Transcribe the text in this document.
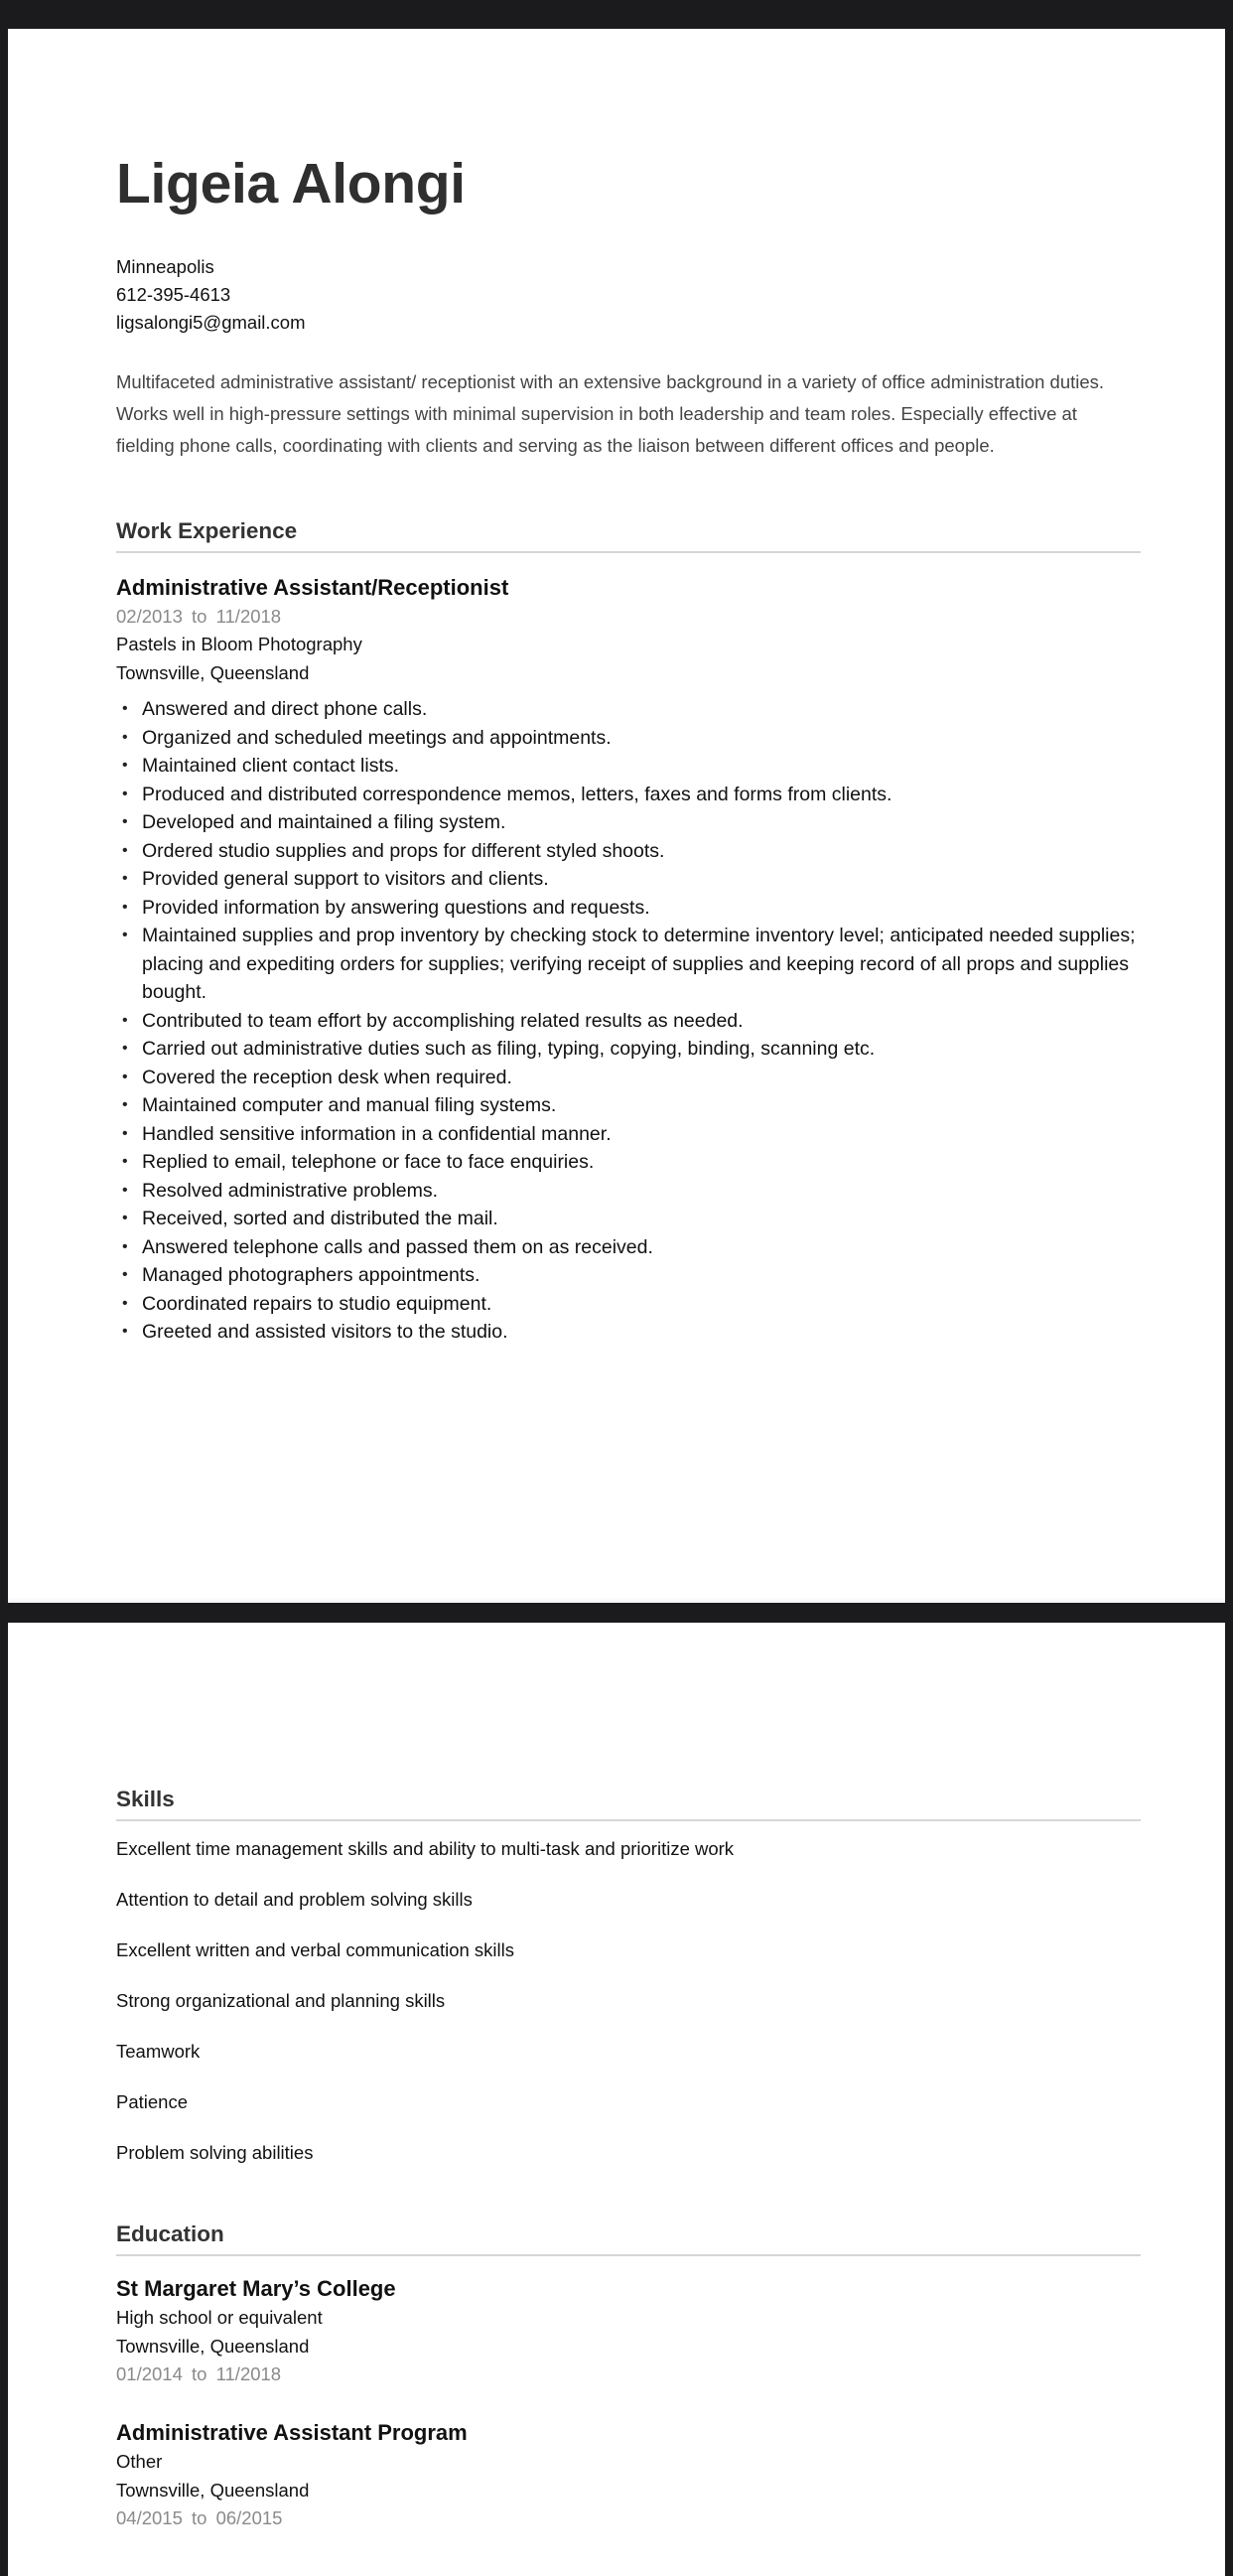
Ligeia Alongi
Minneapolis
612-395-4613
ligsalongi5@gmail.com
Multifaceted administrative assistant/ receptionist with an extensive background in a variety of office administration duties. Works well in high-pressure settings with minimal supervision in both leadership and team roles. Especially effective at fielding phone calls, coordinating with clients and serving as the liaison between different offices and people.
Work Experience
Administrative Assistant/Receptionist
02/2013 to 11/2018
Pastels in Bloom Photography
Townsville, Queensland
• Answered and direct phone calls.
• Organized and scheduled meetings and appointments.
• Maintained client contact lists.
• Produced and distributed correspondence memos, letters, faxes and forms from clients.
• Developed and maintained a filing system.
• Ordered studio supplies and props for different styled shoots.
• Provided general support to visitors and clients.
• Provided information by answering questions and requests.
• Maintained supplies and prop inventory by checking stock to determine inventory level; anticipated needed supplies; placing and expediting orders for supplies; verifying receipt of supplies and keeping record of all props and supplies bought.
• Contributed to team effort by accomplishing related results as needed.
• Carried out administrative duties such as filing, typing, copying, binding, scanning etc.
• Covered the reception desk when required.
• Maintained computer and manual filing systems.
• Handled sensitive information in a confidential manner.
• Replied to email, telephone or face to face enquiries.
• Resolved administrative problems.
• Received, sorted and distributed the mail.
• Answered telephone calls and passed them on as received.
• Managed photographers appointments.
• Coordinated repairs to studio equipment.
• Greeted and assisted visitors to the studio.
Skills
Excellent time management skills and ability to multi-task and prioritize work
Attention to detail and problem solving skills
Excellent written and verbal communication skills
Strong organizational and planning skills
Teamwork
Patience
Problem solving abilities
Education
St Margaret Mary’s College
High school or equivalent
Townsville, Queensland
01/2014 to 11/2018
Administrative Assistant Program
Other
Townsville, Queensland
04/2015 to 06/2015
